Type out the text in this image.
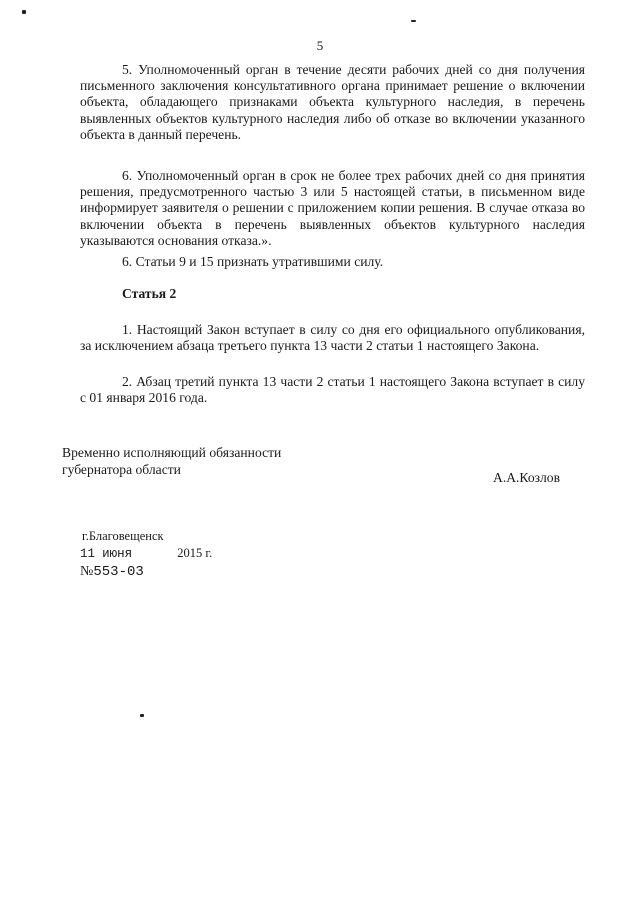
5

5. Уполномоченный орган в течение десяти рабочих дней со дня получения письменного заключения консультативного органа принимает решение о включении объекта, обладающего признаками объекта культурного наследия, в перечень выявленных объектов культурного наследия либо об отказе во включении указанного объекта в данный перечень.

6. Уполномоченный орган в срок не более трех рабочих дней со дня принятия решения, предусмотренного частью 3 или 5 настоящей статьи, в письменном виде информирует заявителя о решении с приложением копии решения. В случае отказа во включении объекта в перечень выявленных объектов культурного наследия указываются основания отказа.».

6. Статьи 9 и 15 признать утратившими силу.

Статья 2

1. Настоящий Закон вступает в силу со дня его официального опубликования, за исключением абзаца третьего пункта 13 части 2 статьи 1 настоящего Закона.

2. Абзац третий пункта 13 части 2 статьи 1 настоящего Закона вступает в силу с 01 января 2016 года.

Временно исполняющий обязанности
губернатора области
А.А.Козлов
г.Благовещенск
11 июня	2015 г.
№553-03
